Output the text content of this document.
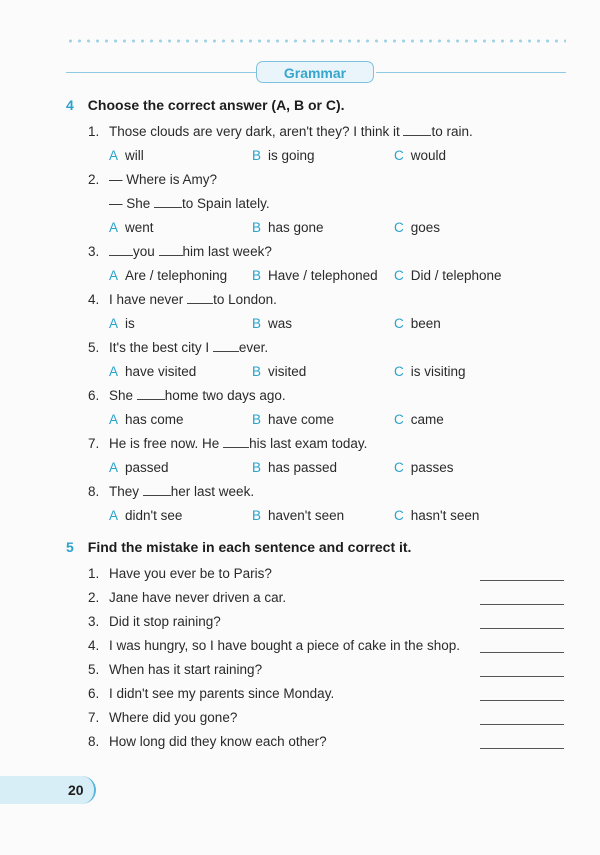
Grammar
4 Choose the correct answer (A, B or C).
1. Those clouds are very dark, aren't they? I think it to rain.
A will	B is going	C would
2. — Where is Amy?
— She to Spain lately.
A went	B has gone	C goes
3. you him last week?
A Are / telephoning B Have / telephoned C Did / telephone
4. I have never to London.
A is	B was	C been
5. It's the best city I ever.
A have visited	B visited	C is visiting
6. She home two days ago.
A has come	B have come	C came
7. He is free now. He his last exam today.
A passed	B has passed	C passes
8. They her last week.
A didn't see	B haven't seen	C hasn't seen
5 Find the mistake in each sentence and correct it.
1. Have you ever be to Paris?
2. Jane have never driven a car.
3. Did it stop raining?
4. I was hungry, so I have bought a piece of cake in the shop.
5. When has it start raining?
6. I didn't see my parents since Monday.
7. Where did you gone?
8. How long did they know each other?
20
